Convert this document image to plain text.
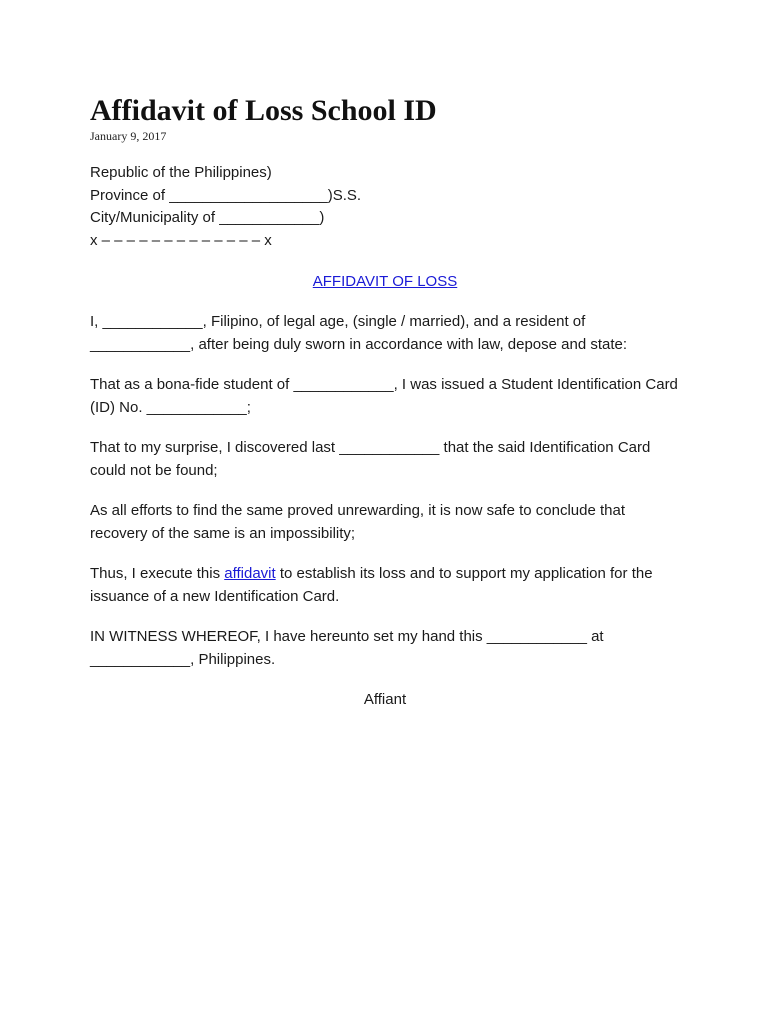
Affidavit of Loss School ID
January 9, 2017
Republic of the Philippines)
Province of ___________________)S.S.
City/Municipality of ____________)
x – – – – – – – – – – – – – x
AFFIDAVIT OF LOSS

I, ____________, Filipino, of legal age, (single / married), and a resident of ____________, after being duly sworn in accordance with law, depose and state:

That as a bona-fide student of ____________, I was issued a Student Identification Card (ID) No. ____________;

That to my surprise, I discovered last ____________ that the said Identification Card could not be found;

As all efforts to find the same proved unrewarding, it is now safe to conclude that recovery of the same is an impossibility;

Thus, I execute this affidavit to establish its loss and to support my application for the issuance of a new Identification Card.

IN WITNESS WHEREOF, I have hereunto set my hand this ____________ at ____________, Philippines.

Affiant
